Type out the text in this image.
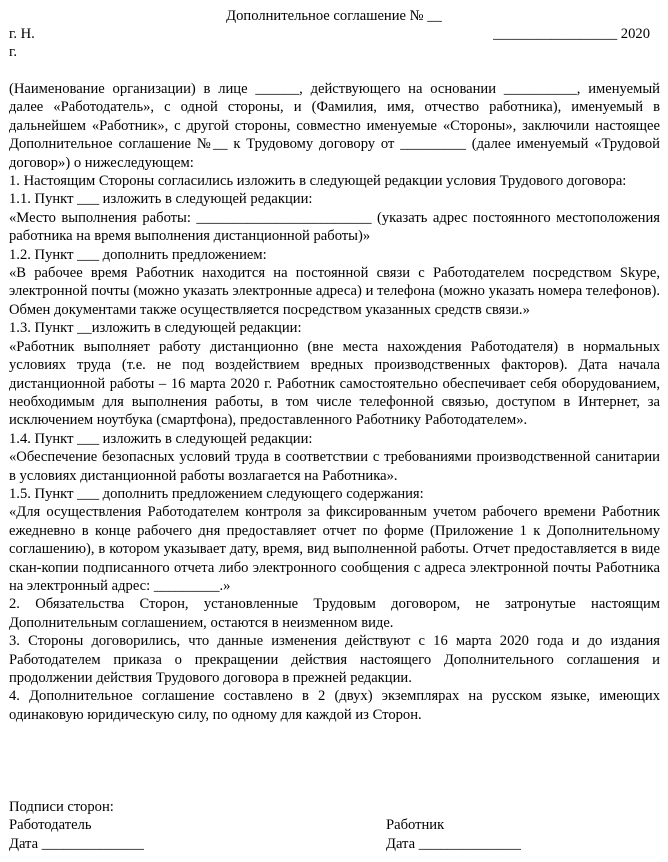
Дополнительное соглашение № __
г. Н.
г.
_________________ 2020

(Наименование организации) в лице ______, действующего на основании __________, именуемый далее «Работодатель», с одной стороны, и (Фамилия, имя, отчество работника), именуемый в дальнейшем «Работник», с другой стороны, совместно именуемые «Стороны», заключили настоящее Дополнительное соглашение №__ к Трудовому договору от _________ (далее именуемый «Трудовой договор») о нижеследующем:

1. Настоящим Стороны согласились изложить в следующей редакции условия Трудового договора:

1.1. Пункт ___ изложить в следующей редакции:

«Место выполнения работы: ________________________ (указать адрес постоянного местоположения работника на время выполнения дистанционной работы)»

1.2. Пункт ___ дополнить предложением:

«В рабочее время Работник находится на постоянной связи с Работодателем посредством Skype, электронной почты (можно указать электронные адреса) и телефона (можно указать номера телефонов). Обмен документами также осуществляется посредством указанных средств связи.»

1.3. Пункт __изложить в следующей редакции:

«Работник выполняет работу дистанционно (вне места нахождения Работодателя) в нормальных условиях труда (т.е. не под воздействием вредных производственных факторов). Дата начала дистанционной работы – 16 марта 2020 г. Работник самостоятельно обеспечивает себя оборудованием, необходимым для выполнения работы, в том числе телефонной связью, доступом в Интернет, за исключением ноутбука (смартфона), предоставленного Работнику Работодателем».

1.4. Пункт ___ изложить в следующей редакции:

«Обеспечение безопасных условий труда в соответствии с требованиями производственной санитарии в условиях дистанционной работы возлагается на Работника».

1.5. Пункт ___ дополнить предложением следующего содержания:

«Для осуществления Работодателем контроля за фиксированным учетом рабочего времени Работник ежедневно в конце рабочего дня предоставляет отчет по форме (Приложение 1 к Дополнительному соглашению), в котором указывает дату, время, вид выполненной работы. Отчет предоставляется в виде скан-копии подписанного отчета либо электронного сообщения с адреса электронной почты Работника на электронный адрес: _________.»

2. Обязательства Сторон, установленные Трудовым договором, не затронутые настоящим Дополнительным соглашением, остаются в неизменном виде.

3. Стороны договорились, что данные изменения действуют с 16 марта 2020 года и до издания Работодателем приказа о прекращении действия настоящего Дополнительного соглашения и продолжении действия Трудового договора в прежней редакции.

4. Дополнительное соглашение составлено в 2 (двух) экземплярах на русском языке, имеющих одинаковую юридическую силу, по одному для каждой из Сторон.

Подписи сторон:

Работодатель	Работник
Дата ______________	Дата ______________
